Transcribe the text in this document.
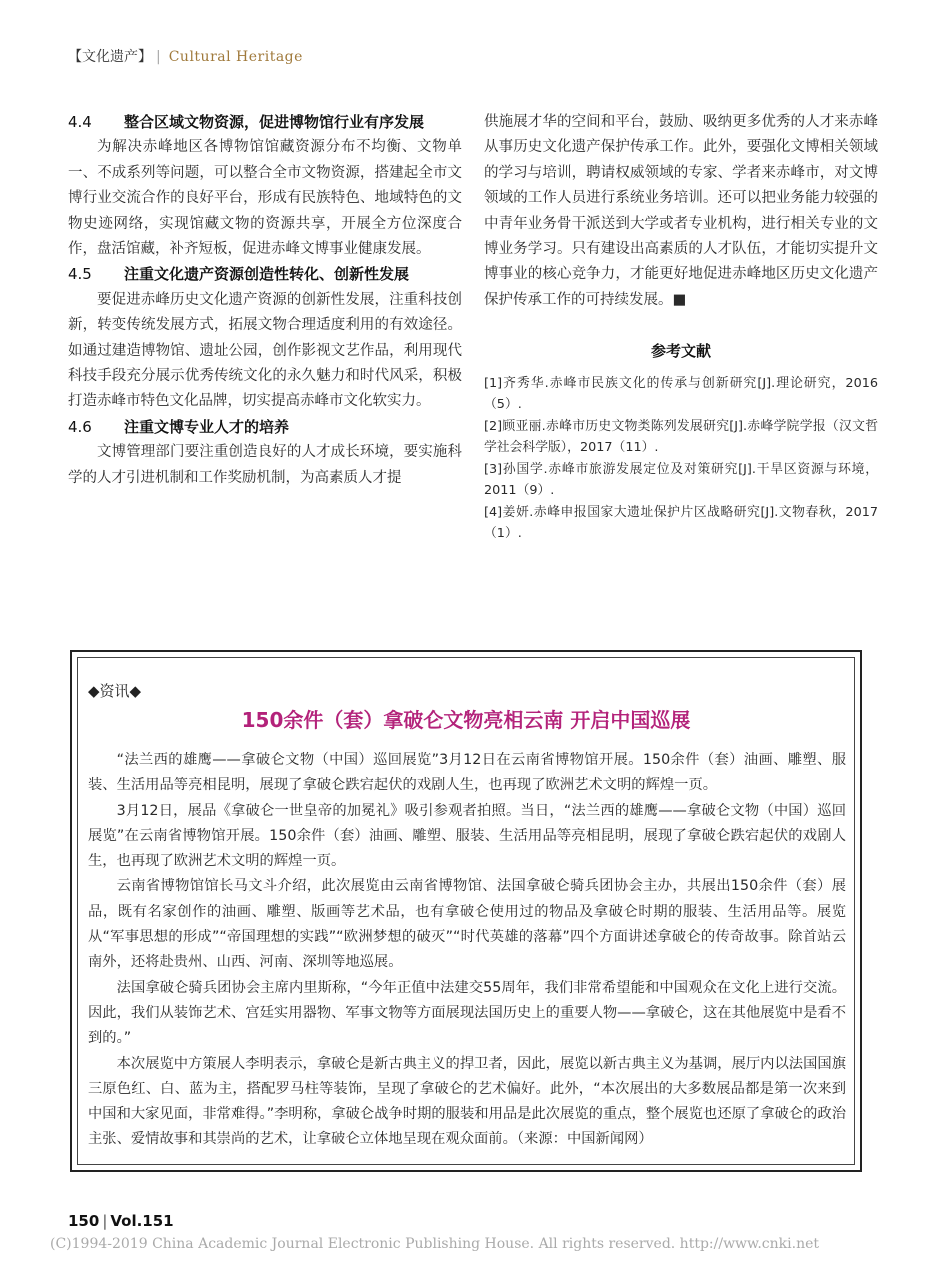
【文化遗产】 | Cultural Heritage

4.4 整合区域文物资源，促进博物馆行业有序发展

为解决赤峰地区各博物馆馆藏资源分布不均衡、文物单一、不成系列等问题，可以整合全市文物资源，搭建起全市文博行业交流合作的良好平台，形成有民族特色、地域特色的文物史迹网络，实现馆藏文物的资源共享，开展全方位深度合作，盘活馆藏，补齐短板，促进赤峰文博事业健康发展。

4.5 注重文化遗产资源创造性转化、创新性发展

要促进赤峰历史文化遗产资源的创新性发展，注重科技创新，转变传统发展方式，拓展文物合理适度利用的有效途径。如通过建造博物馆、遗址公园，创作影视文艺作品，利用现代科技手段充分展示优秀传统文化的永久魅力和时代风采，积极打造赤峰市特色文化品牌，切实提高赤峰市文化软实力。

4.6 注重文博专业人才的培养

文博管理部门要注重创造良好的人才成长环境，要实施科学的人才引进机制和工作奖励机制，为高素质人才提

供施展才华的空间和平台，鼓励、吸纳更多优秀的人才来赤峰从事历史文化遗产保护传承工作。此外，要强化文博相关领域的学习与培训，聘请权威领域的专家、学者来赤峰市，对文博领域的工作人员进行系统业务培训。还可以把业务能力较强的中青年业务骨干派送到大学或者专业机构，进行相关专业的文博业务学习。只有建设出高素质的人才队伍，才能切实提升文博事业的核心竞争力，才能更好地促进赤峰地区历史文化遗产保护传承工作的可持续发展。■

参考文献

[1]齐秀华.赤峰市民族文化的传承与创新研究[J].理论研究，2016（5）.

[2]顾亚丽.赤峰市历史文物类陈列发展研究[J].赤峰学院学报（汉文哲学社会科学版），2017（11）.

[3]孙国学.赤峰市旅游发展定位及对策研究[J].干旱区资源与环境，2011（9）.

[4]姜妍.赤峰申报国家大遗址保护片区战略研究[J].文物春秋，2017（1）.

◆资讯◆
150余件（套）拿破仑文物亮相云南 开启中国巡展

“法兰西的雄鹰——拿破仑文物（中国）巡回展览”3月12日在云南省博物馆开展。150余件（套）油画、雕塑、服装、生活用品等亮相昆明，展现了拿破仑跌宕起伏的戏剧人生，也再现了欧洲艺术文明的辉煌一页。

3月12日，展品《拿破仑一世皇帝的加冕礼》吸引参观者拍照。当日，“法兰西的雄鹰——拿破仑文物（中国）巡回展览”在云南省博物馆开展。150余件（套）油画、雕塑、服装、生活用品等亮相昆明，展现了拿破仑跌宕起伏的戏剧人生，也再现了欧洲艺术文明的辉煌一页。

云南省博物馆馆长马文斗介绍，此次展览由云南省博物馆、法国拿破仑骑兵团协会主办，共展出150余件（套）展品，既有名家创作的油画、雕塑、版画等艺术品，也有拿破仑使用过的物品及拿破仑时期的服装、生活用品等。展览从“军事思想的形成”“帝国理想的实践”“欧洲梦想的破灭”“时代英雄的落幕”四个方面讲述拿破仑的传奇故事。除首站云南外，还将赴贵州、山西、河南、深圳等地巡展。

法国拿破仑骑兵团协会主席内里斯称，“今年正值中法建交55周年，我们非常希望能和中国观众在文化上进行交流。因此，我们从装饰艺术、宫廷实用器物、军事文物等方面展现法国历史上的重要人物——拿破仑，这在其他展览中是看不到的。”

本次展览中方策展人李明表示，拿破仑是新古典主义的捍卫者，因此，展览以新古典主义为基调，展厅内以法国国旗三原色红、白、蓝为主，搭配罗马柱等装饰，呈现了拿破仑的艺术偏好。此外，“本次展出的大多数展品都是第一次来到中国和大家见面，非常难得。”李明称，拿破仑战争时期的服装和用品是此次展览的重点，整个展览也还原了拿破仑的政治主张、爱情故事和其崇尚的艺术，让拿破仑立体地呈现在观众面前。（来源：中国新闻网）

150 | Vol.151
(C)1994-2019 China Academic Journal Electronic Publishing House. All rights reserved. http://www.cnki.net
